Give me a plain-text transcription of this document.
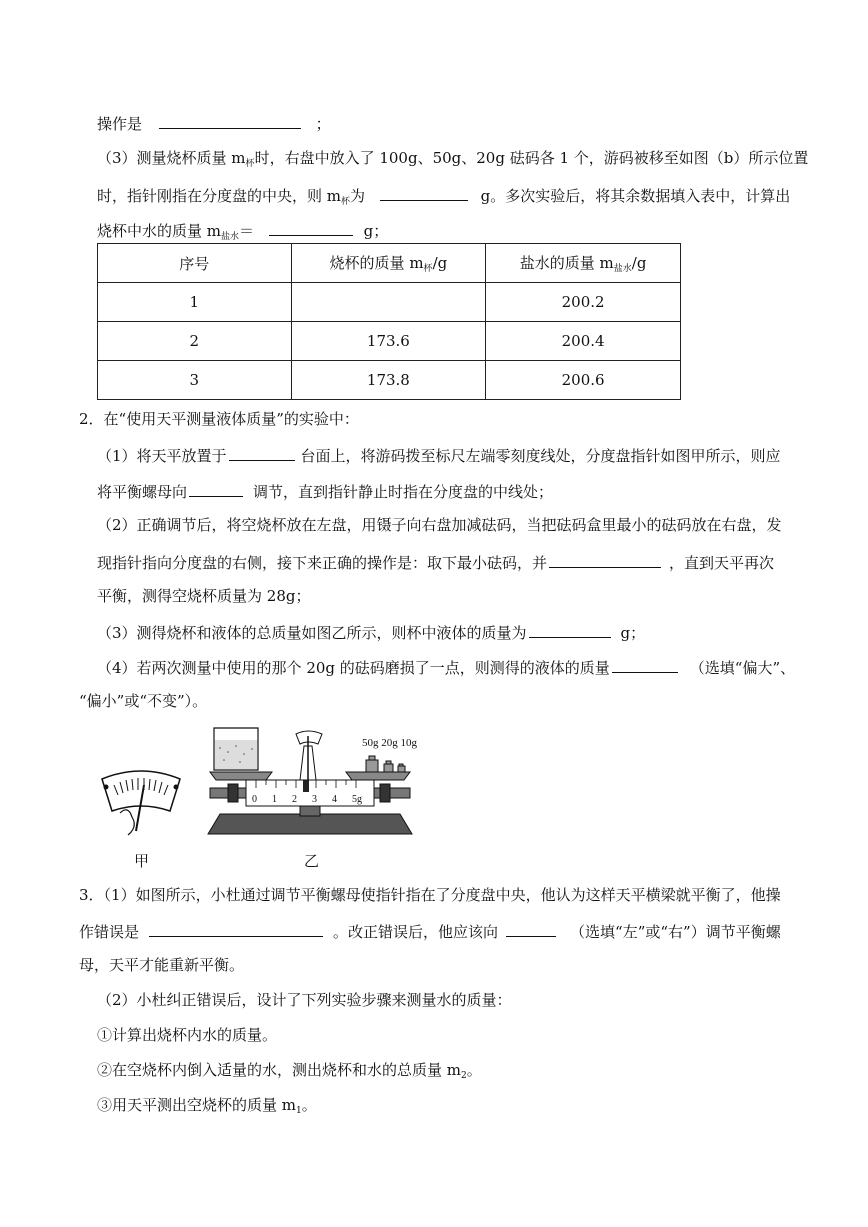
操作是	；
（3）测量烧杯质量 $m_杯$时，右盘中放入了 100g、50g、20g 砝码各 1 个，游码被移至如图（b）所示位置
时，指针刚指在分度盘的中央，则 $m_杯$为	g。多次实验后，将其余数据填入表中，计算出
烧杯中水的质量 $m_{盐水}=$	g；
序号	烧杯的质量 $m_杯/g$	盐水的质量 $m_{盐水}/g$
1		200.2
2	173.6	200.4
3	173.8	200.6
2．在“使用天平测量液体质量”的实验中：
（1）将天平放置于	台面上，将游码拨至标尺左端零刻度线处，分度盘指针如图甲所示，则应
将平衡螺母向	调节，直到指针静止时指在分度盘的中线处；
（2）正确调节后，将空烧杯放在左盘，用镊子向右盘加减砝码，当把砝码盒里最小的砝码放在右盘，发
现指针指向分度盘的右侧，接下来正确的操作是：取下最小砝码，并	，直到天平再次
平衡，测得空烧杯质量为 28g；
（3）测得烧杯和液体的总质量如图乙所示，则杯中液体的质量为	g；
（4）若两次测量中使用的那个 20g 的砝码磨损了一点，则测得的液体的质量	（选填“偏大”、
“偏小”或“不变”）。
甲
0 1 2 3 4 5g
50g 20g 10g
乙
3．（1）如图所示，小杜通过调节平衡螺母使指针指在了分度盘中央，他认为这样天平横梁就平衡了，他操
作错误是	。改正错误后，他应该向	（选填“左”或“右”）调节平衡螺
母，天平才能重新平衡。
（2）小杜纠正错误后，设计了下列实验步骤来测量水的质量：
①计算出烧杯内水的质量。
②在空烧杯内倒入适量的水，测出烧杯和水的总质量 $m_2$。
③用天平测出空烧杯的质量 $m_1$。
